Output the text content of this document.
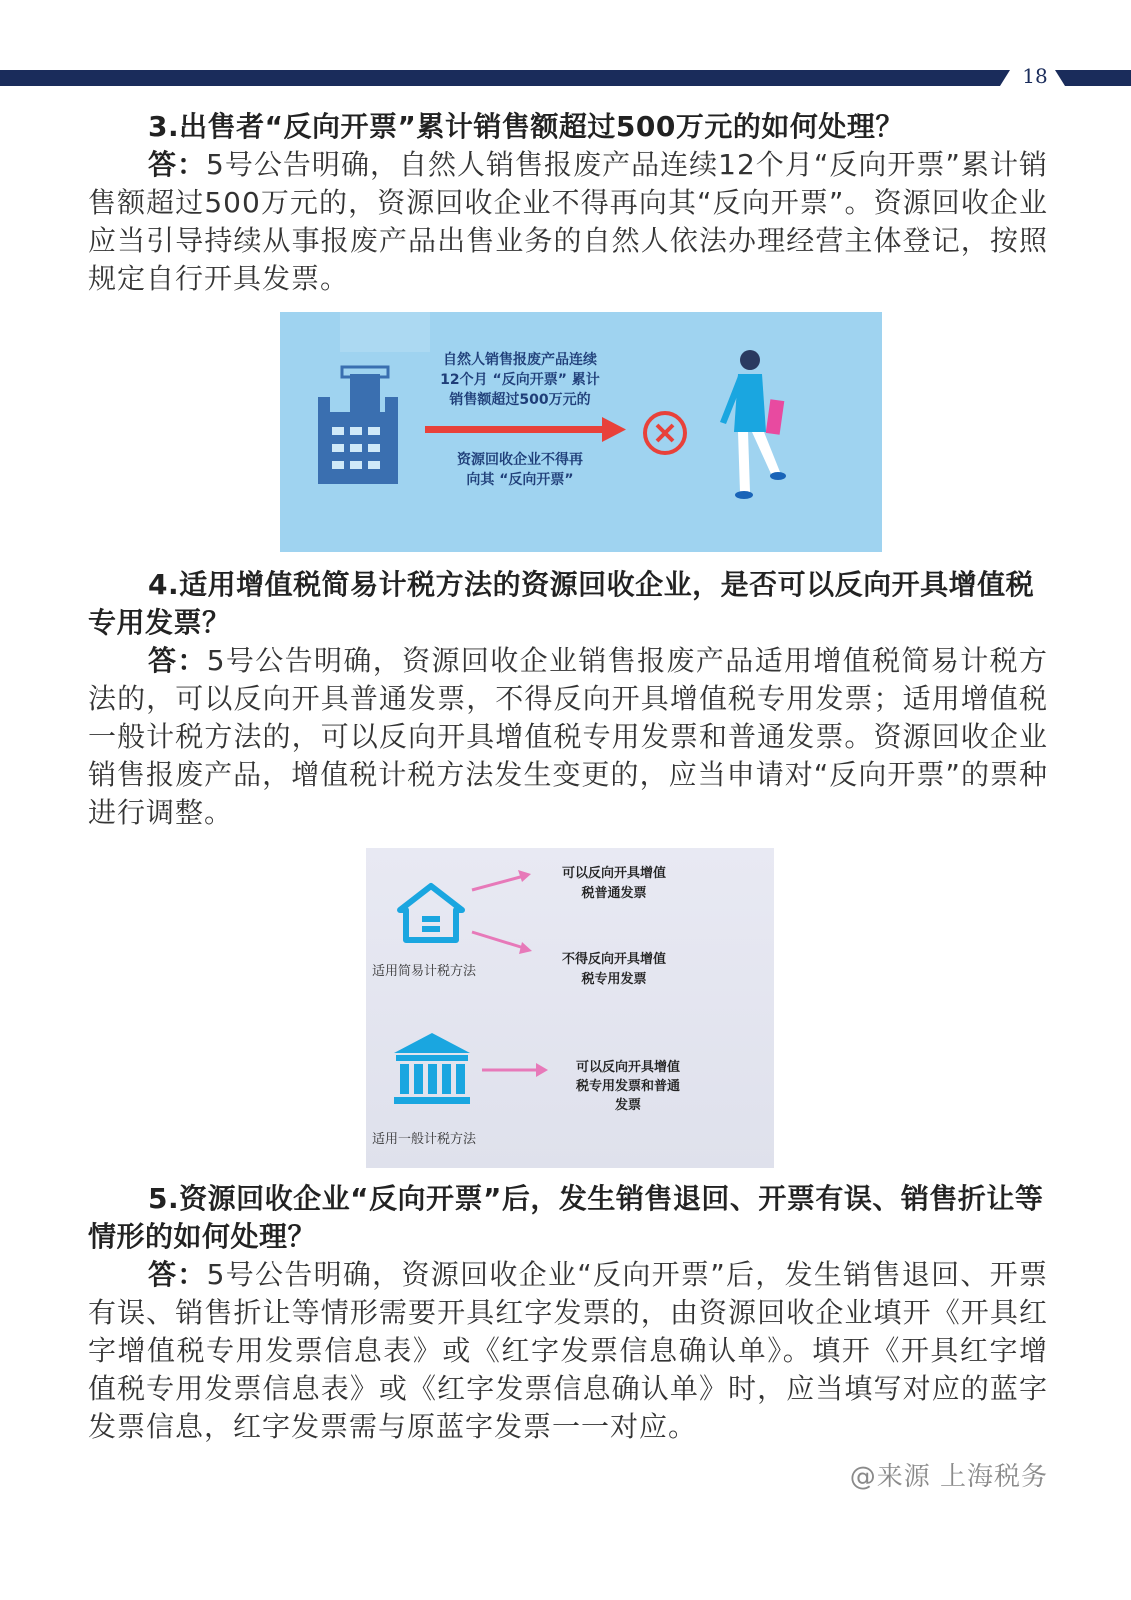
18

3.出售者“反向开票”累计销售额超过500万元的如何处理？

答：5号公告明确，自然人销售报废产品连续12个月“反向开票”累计销售额超过500万元的，资源回收企业不得再向其“反向开票”。资源回收企业应当引导持续从事报废产品出售业务的自然人依法办理经营主体登记，按照规定自行开具发票。

自然人销售报废产品连续
12个月 “反向开票” 累计
销售额超过500万元的
资源回收企业不得再
向其 “反向开票”

4.适用增值税简易计税方法的资源回收企业，是否可以反向开具增值税专用发票？

答：5号公告明确，资源回收企业销售报废产品适用增值税简易计税方法的，可以反向开具普通发票，不得反向开具增值税专用发票；适用增值税一般计税方法的，可以反向开具增值税专用发票和普通发票。资源回收企业销售报废产品，增值税计税方法发生变更的，应当申请对“反向开票”的票种进行调整。

可以反向开具增值
税普通发票
不得反向开具增值
税专用发票
适用简易计税方法
可以反向开具增值
税专用发票和普通
发票
适用一般计税方法

5.资源回收企业“反向开票”后，发生销售退回、开票有误、销售折让等情形的如何处理？

答：5号公告明确，资源回收企业“反向开票”后，发生销售退回、开票有误、销售折让等情形需要开具红字发票的，由资源回收企业填开《开具红字增值税专用发票信息表》或《红字发票信息确认单》。填开《开具红字增值税专用发票信息表》或《红字发票信息确认单》时，应当填写对应的蓝字发票信息，红字发票需与原蓝字发票一一对应。

@来源 上海税务
